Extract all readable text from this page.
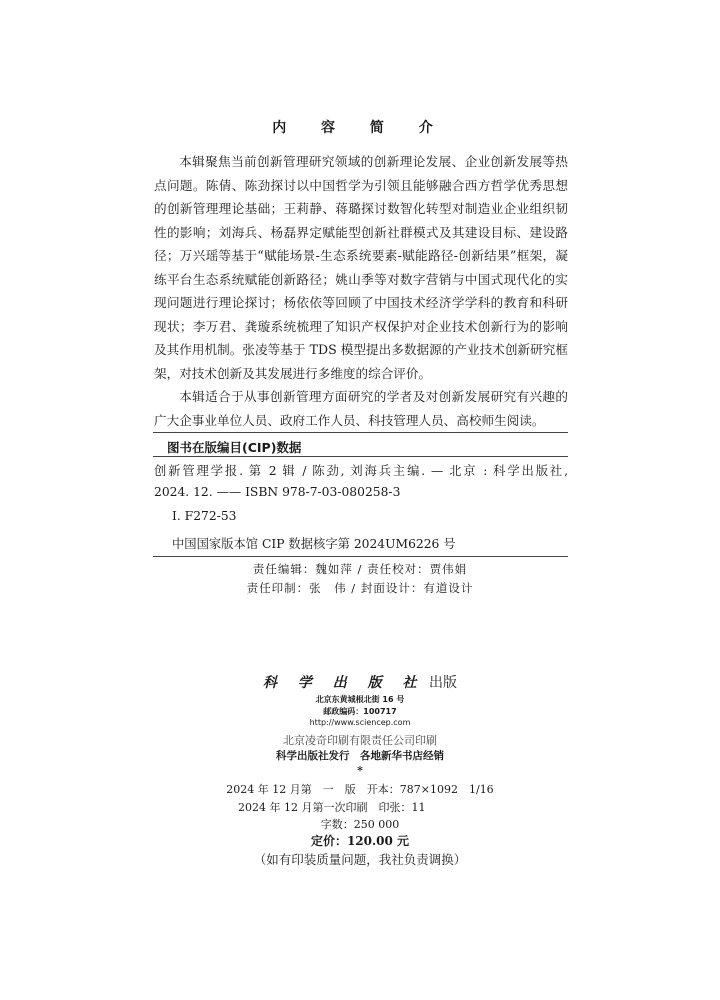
内 容 简 介

本辑聚焦当前创新管理研究领域的创新理论发展、企业创新发展等热点问题。陈倩、陈劲探讨以中国哲学为引领且能够融合西方哲学优秀思想的创新管理理论基础；王莉静、蒋璐探讨数智化转型对制造业企业组织韧性的影响；刘海兵、杨磊界定赋能型创新社群模式及其建设目标、建设路径；万兴瑶等基于“赋能场景-生态系统要素-赋能路径-创新结果”框架，凝练平台生态系统赋能创新路径；姚山季等对数字营销与中国式现代化的实现问题进行理论探讨；杨依依等回顾了中国技术经济学学科的教育和科研现状；李万君、龚璇系统梳理了知识产权保护对企业技术创新行为的影响及其作用机制。张凌等基于 TDS 模型提出多数据源的产业技术创新研究框架，对技术创新及其发展进行多维度的综合评价。

本辑适合于从事创新管理方面研究的学者及对创新发展研究有兴趣的广大企事业单位人员、政府工作人员、科技管理人员、高校师生阅读。

图书在版编目(CIP)数据
创新管理学报. 第 2 辑 / 陈劲, 刘海兵主编. — 北京 : 科学出版社,
2024. 12. —— ISBN 978-7-03-080258-3
Ⅰ. F272-53
中国国家版本馆 CIP 数据核字第 2024UM6226 号
责任编辑：魏如萍 / 责任校对：贾伟娟
责任印制：张　伟 / 封面设计：有道设计
科 学 出 版 社 出版
北京东黄城根北街 16 号
邮政编码：100717
http://www.sciencep.com
北京凌奇印刷有限责任公司印刷
科学出版社发行　各地新华书店经销
*
2024 年 12 月第　一　版　开本：787×1092　1/16
2024 年 12 月第一次印刷　印张：11
字数：250 000
定价：120.00 元
（如有印装质量问题，我社负责调换）
